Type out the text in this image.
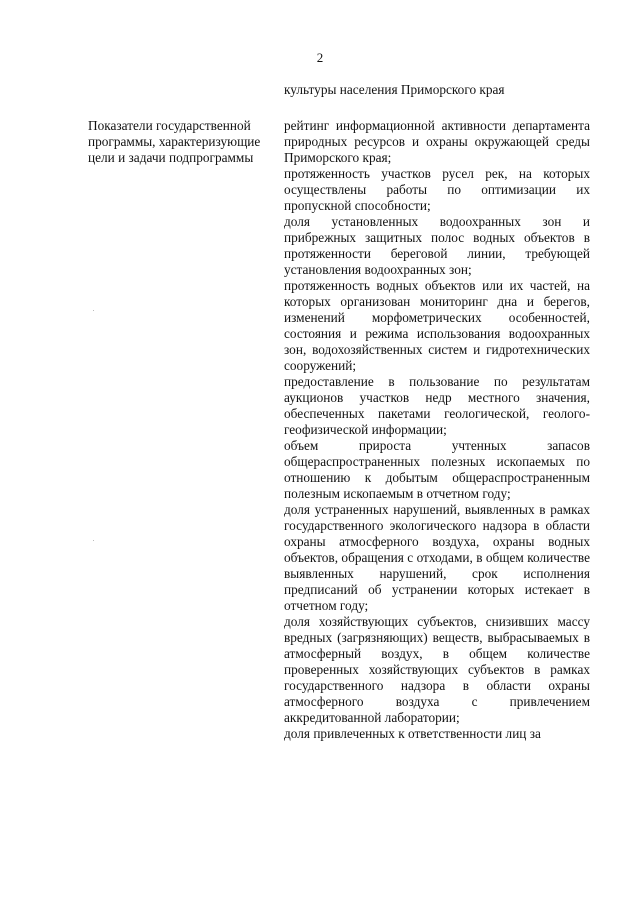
2
культуры населения Приморского края
Показатели государственной программы, характеризующие цели и задачи подпрограммы

рейтинг информационной активности департамента природных ресурсов и охраны окружающей среды Приморского края;

протяженность участков русел рек, на которых осуществлены работы по оптимизации их пропускной способности;

доля установленных водоохранных зон и прибрежных защитных полос водных объектов в протяженности береговой линии, требующей установления водоохранных зон;

протяженность водных объектов или их частей, на которых организован мониторинг дна и берегов, изменений морфометрических особенностей, состояния и режима использования водоохранных зон, водохозяйственных систем и гидротехнических сооружений;

предоставление в пользование по результатам аукционов участков недр местного значения, обеспеченных пакетами геологической, геолого-геофизической информации;

объем прироста учтенных запасов общераспространенных полезных ископаемых по отношению к добытым общераспространенным полезным ископаемым в отчетном году;

доля устраненных нарушений, выявленных в рамках государственного экологического надзора в области охраны атмосферного воздуха, охраны водных объектов, обращения с отходами, в общем количестве выявленных нарушений, срок исполнения предписаний об устранении которых истекает в отчетном году;

доля хозяйствующих субъектов, снизивших массу вредных (загрязняющих) веществ, выбрасываемых в атмосферный воздух, в общем количестве проверенных хозяйствующих субъектов в рамках государственного надзора в области охраны атмосферного воздуха с привлечением аккредитованной лаборатории;

доля привлеченных к ответственности лиц за
